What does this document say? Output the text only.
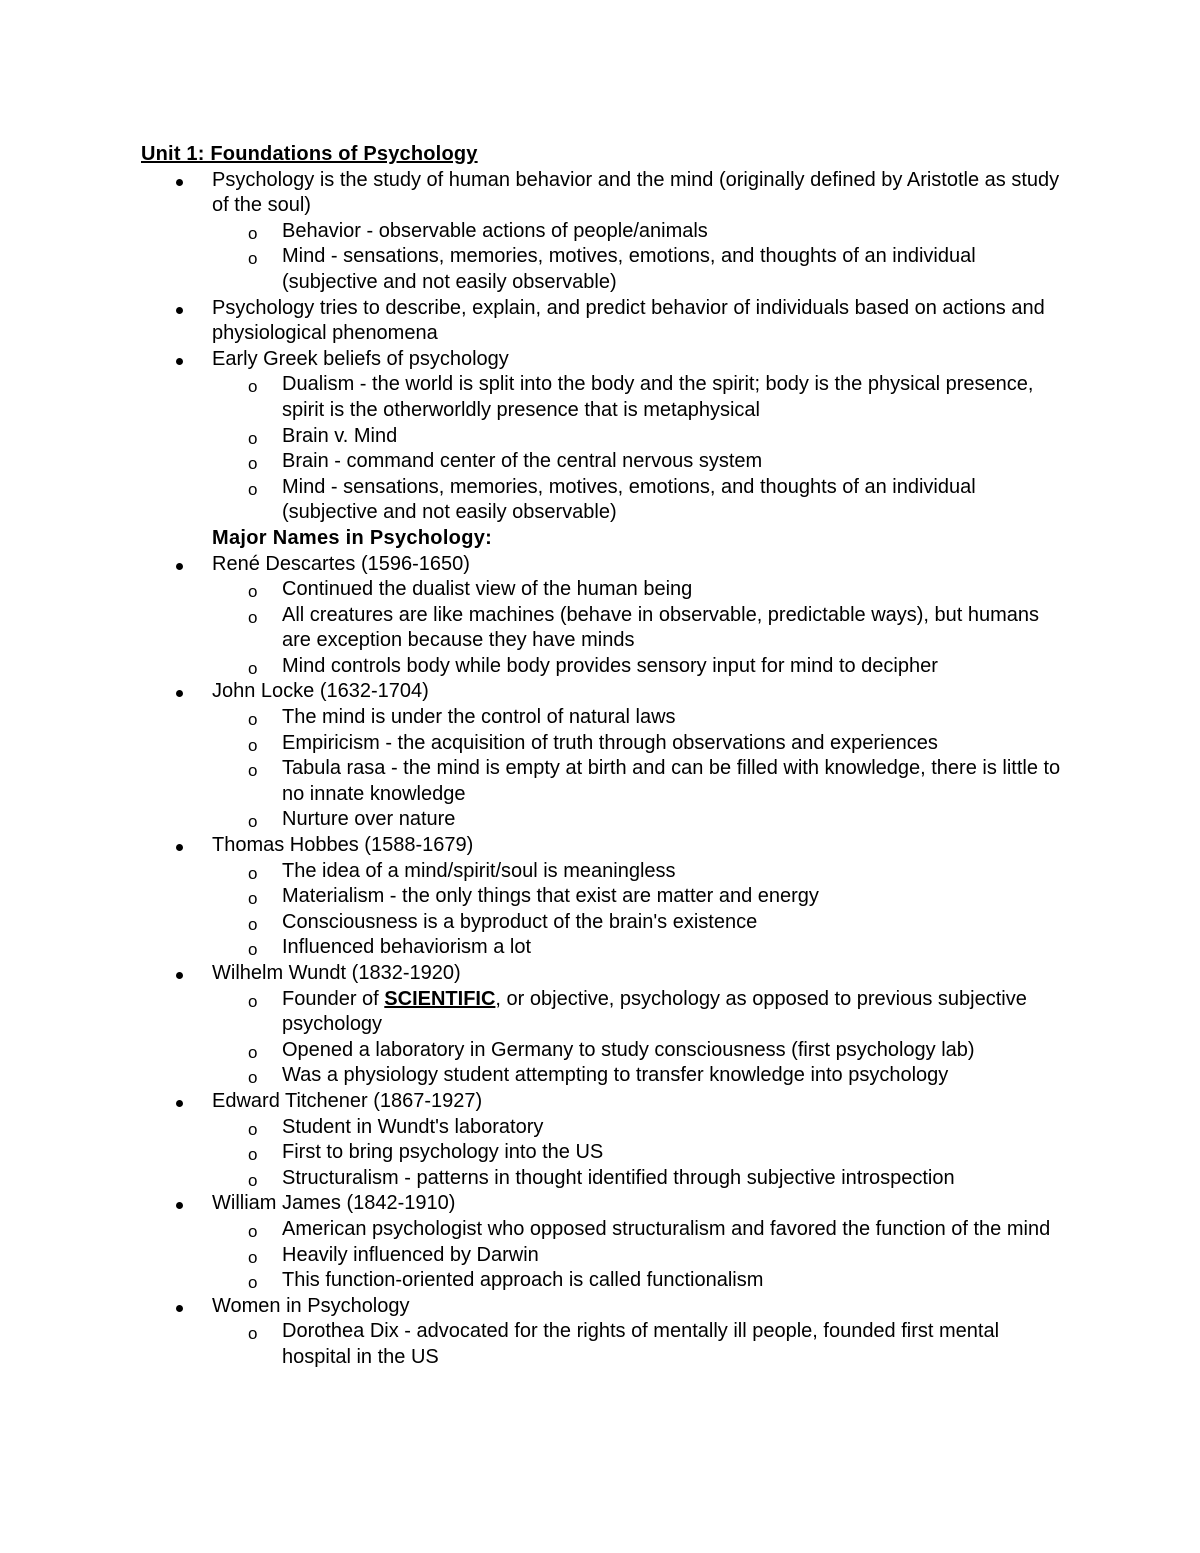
Unit 1: Foundations of Psychology
Psychology is the study of human behavior and the mind (originally defined by Aristotle as study of the soul)
o Behavior - observable actions of people/animals
o Mind - sensations, memories, motives, emotions, and thoughts of an individual (subjective and not easily observable)
Psychology tries to describe, explain, and predict behavior of individuals based on actions and physiological phenomena
Early Greek beliefs of psychology
o Dualism - the world is split into the body and the spirit; body is the physical presence, spirit is the otherworldly presence that is metaphysical
o Brain v. Mind
o Brain - command center of the central nervous system
o Mind - sensations, memories, motives, emotions, and thoughts of an individual (subjective and not easily observable)
Major Names in Psychology:
René Descartes (1596-1650)
o Continued the dualist view of the human being
o All creatures are like machines (behave in observable, predictable ways), but humans are exception because they have minds
o Mind controls body while body provides sensory input for mind to decipher
John Locke (1632-1704)
o The mind is under the control of natural laws
o Empiricism - the acquisition of truth through observations and experiences
o Tabula rasa - the mind is empty at birth and can be filled with knowledge, there is little to no innate knowledge
o Nurture over nature
Thomas Hobbes (1588-1679)
o The idea of a mind/spirit/soul is meaningless
o Materialism - the only things that exist are matter and energy
o Consciousness is a byproduct of the brain's existence
o Influenced behaviorism a lot
Wilhelm Wundt (1832-1920)
o Founder of SCIENTIFIC, or objective, psychology as opposed to previous subjective psychology
o Opened a laboratory in Germany to study consciousness (first psychology lab)
o Was a physiology student attempting to transfer knowledge into psychology
Edward Titchener (1867-1927)
o Student in Wundt's laboratory
o First to bring psychology into the US
o Structuralism - patterns in thought identified through subjective introspection
William James (1842-1910)
o American psychologist who opposed structuralism and favored the function of the mind
o Heavily influenced by Darwin
o This function-oriented approach is called functionalism
Women in Psychology
o Dorothea Dix - advocated for the rights of mentally ill people, founded first mental hospital in the US
